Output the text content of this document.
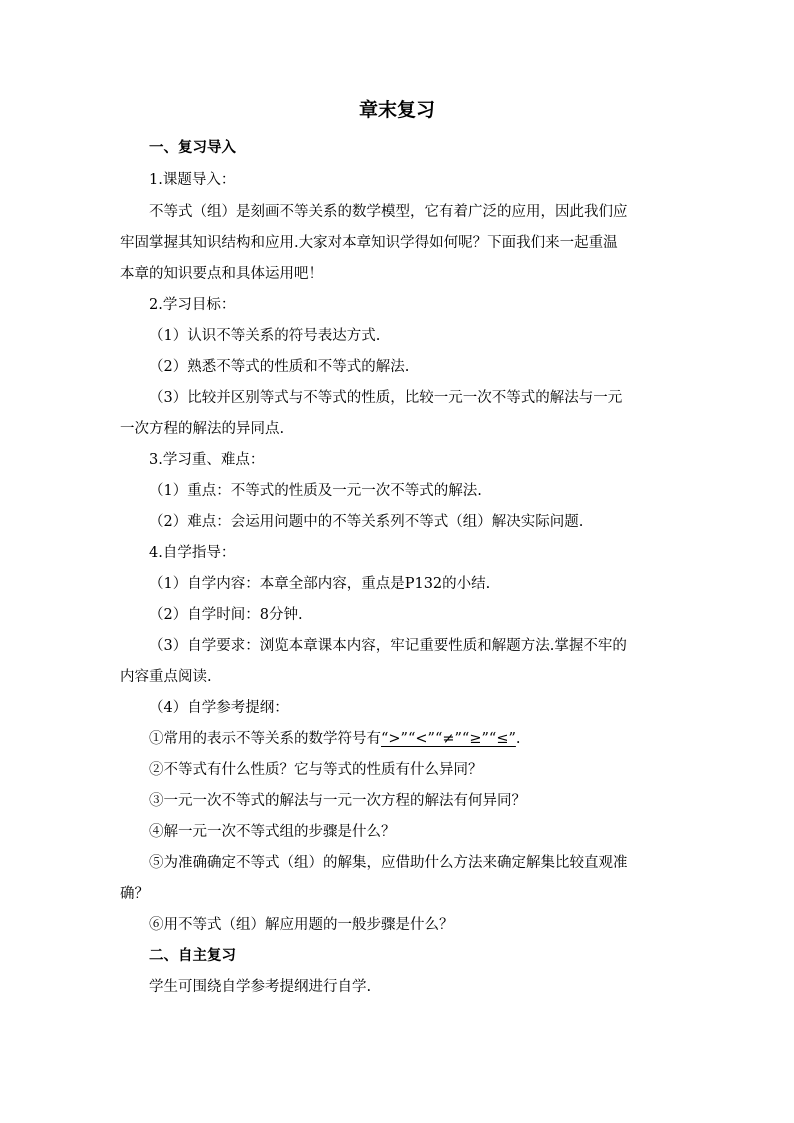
章末复习
一、复习导入
1.课题导入：
不等式（组）是刻画不等关系的数学模型，它有着广泛的应用，因此我们应
牢固掌握其知识结构和应用.大家对本章知识学得如何呢？下面我们来一起重温
本章的知识要点和具体运用吧！
2.学习目标：
（1）认识不等关系的符号表达方式.
（2）熟悉不等式的性质和不等式的解法.
（3）比较并区别等式与不等式的性质，比较一元一次不等式的解法与一元
一次方程的解法的异同点.
3.学习重、难点：
（1）重点：不等式的性质及一元一次不等式的解法.
（2）难点：会运用问题中的不等关系列不等式（组）解决实际问题.
4.自学指导：
（1）自学内容：本章全部内容，重点是P132的小结.
（2）自学时间：8分钟.
（3）自学要求：浏览本章课本内容，牢记重要性质和解题方法.掌握不牢的
内容重点阅读.
（4）自学参考提纲：
①常用的表示不等关系的数学符号有“>”“<”“≠”“≥”“≤”.
②不等式有什么性质？它与等式的性质有什么异同？
③一元一次不等式的解法与一元一次方程的解法有何异同？
④解一元一次不等式组的步骤是什么？
⑤为准确确定不等式（组）的解集，应借助什么方法来确定解集比较直观准
确？
⑥用不等式（组）解应用题的一般步骤是什么？
二、自主复习
学生可围绕自学参考提纲进行自学.
